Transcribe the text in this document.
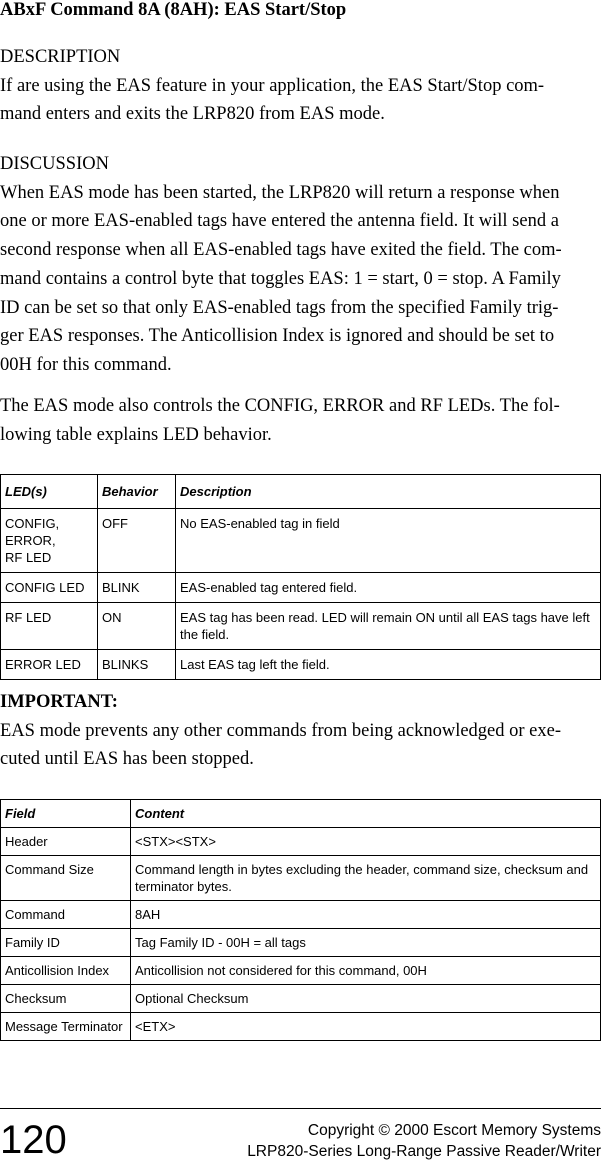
ABxF Command 8A (8AH): EAS Start/Stop
DESCRIPTION
If are using the EAS feature in your application, the EAS Start/Stop com-
mand enters and exits the LRP820 from EAS mode.
DISCUSSION
When EAS mode has been started, the LRP820 will return a response when
one or more EAS-enabled tags have entered the antenna field. It will send a
second response when all EAS-enabled tags have exited the field. The com-
mand contains a control byte that toggles EAS: 1 = start, 0 = stop. A Family
ID can be set so that only EAS-enabled tags from the specified Family trig-
ger EAS responses. The Anticollision Index is ignored and should be set to
00H for this command.
The EAS mode also controls the CONFIG, ERROR and RF LEDs. The fol-
lowing table explains LED behavior.
LED(s)	Behavior	Description
CONFIG,
ERROR,
RF LED	OFF	No EAS-enabled tag in field
CONFIG LED	BLINK	EAS-enabled tag entered field.
RF LED	ON	EAS tag has been read. LED will remain ON until all EAS tags have left the field.
ERROR LED	BLINKS	Last EAS tag left the field.
IMPORTANT:
EAS mode prevents any other commands from being acknowledged or exe-
cuted until EAS has been stopped.
Field	Content
Header	<STX><STX>
Command Size	Command length in bytes excluding the header, command size, checksum and terminator bytes.
Command	8AH
Family ID	Tag Family ID - 00H = all tags
Anticollision Index	Anticollision not considered for this command, 00H
Checksum	Optional Checksum
Message Terminator	<ETX>
120	Copyright © 2000 Escort Memory Systems
LRP820-Series Long-Range Passive Reader/Writer
